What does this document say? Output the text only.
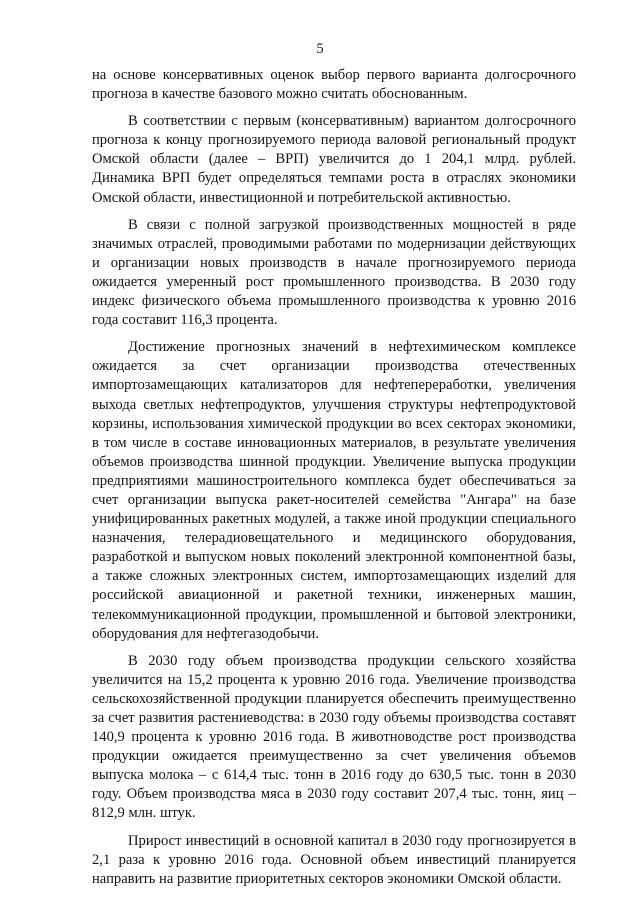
5

на основе консервативных оценок выбор первого варианта долгосрочного прогноза в качестве базового можно считать обоснованным.

В соответствии с первым (консервативным) вариантом долгосрочного прогноза к концу прогнозируемого периода валовой региональный продукт Омской области (далее – ВРП) увеличится до 1 204,1 млрд. рублей. Динамика ВРП будет определяться темпами роста в отраслях экономики Омской области, инвестиционной и потребительской активностью.

В связи с полной загрузкой производственных мощностей в ряде значимых отраслей, проводимыми работами по модернизации действующих и организации новых производств в начале прогнозируемого периода ожидается умеренный рост промышленного производства. В 2030 году индекс физического объема промышленного производства к уровню 2016 года составит 116,3 процента.

Достижение прогнозных значений в нефтехимическом комплексе ожидается за счет организации производства отечественных импортозамещающих катализаторов для нефтепереработки, увеличения выхода светлых нефтепродуктов, улучшения структуры нефтепродуктовой корзины, использования химической продукции во всех секторах экономики, в том числе в составе инновационных материалов, в результате увеличения объемов производства шинной продукции. Увеличение выпуска продукции предприятиями машиностроительного комплекса будет обеспечиваться за счет организации выпуска ракет-носителей семейства "Ангара" на базе унифицированных ракетных модулей, а также иной продукции специального назначения, телерадиовещательного и медицинского оборудования, разработкой и выпуском новых поколений электронной компонентной базы, а также сложных электронных систем, импортозамещающих изделий для российской авиационной и ракетной техники, инженерных машин, телекоммуникационной продукции, промышленной и бытовой электроники, оборудования для нефтегазодобычи.

В 2030 году объем производства продукции сельского хозяйства увеличится на 15,2 процента к уровню 2016 года. Увеличение производства сельскохозяйственной продукции планируется обеспечить преимущественно за счет развития растениеводства: в 2030 году объемы производства составят 140,9 процента к уровню 2016 года. В животноводстве рост производства продукции ожидается преимущественно за счет увеличения объемов выпуска молока – с 614,4 тыс. тонн в 2016 году до 630,5 тыс. тонн в 2030 году. Объем производства мяса в 2030 году составит 207,4 тыс. тонн, яиц – 812,9 млн. штук.

Прирост инвестиций в основной капитал в 2030 году прогнозируется в 2,1 раза к уровню 2016 года. Основной объем инвестиций планируется направить на развитие приоритетных секторов экономики Омской области.
